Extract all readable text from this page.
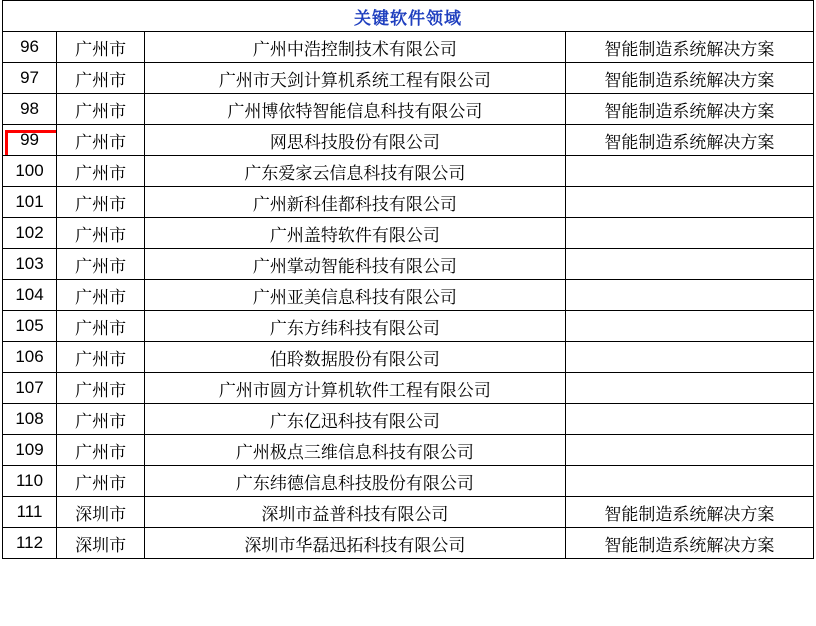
关键软件领域			
96	广州市	广州中浩控制技术有限公司	智能制造系统解决方案
97	广州市	广州市天剑计算机系统工程有限公司	智能制造系统解决方案
98	广州市	广州博依特智能信息科技有限公司	智能制造系统解决方案
99	广州市	网思科技股份有限公司	智能制造系统解决方案
100	广州市	广东爱家云信息科技有限公司	
101	广州市	广州新科佳都科技有限公司	
102	广州市	广州盖特软件有限公司	
103	广州市	广州掌动智能科技有限公司	
104	广州市	广州亚美信息科技有限公司	
105	广州市	广东方纬科技有限公司	
106	广州市	伯聆数据股份有限公司	
107	广州市	广州市圆方计算机软件工程有限公司	
108	广州市	广东亿迅科技有限公司	
109	广州市	广州极点三维信息科技有限公司	
110	广州市	广东纬德信息科技股份有限公司	
111	深圳市	深圳市益普科技有限公司	智能制造系统解决方案
112	深圳市	深圳市华磊迅拓科技有限公司	智能制造系统解决方案
